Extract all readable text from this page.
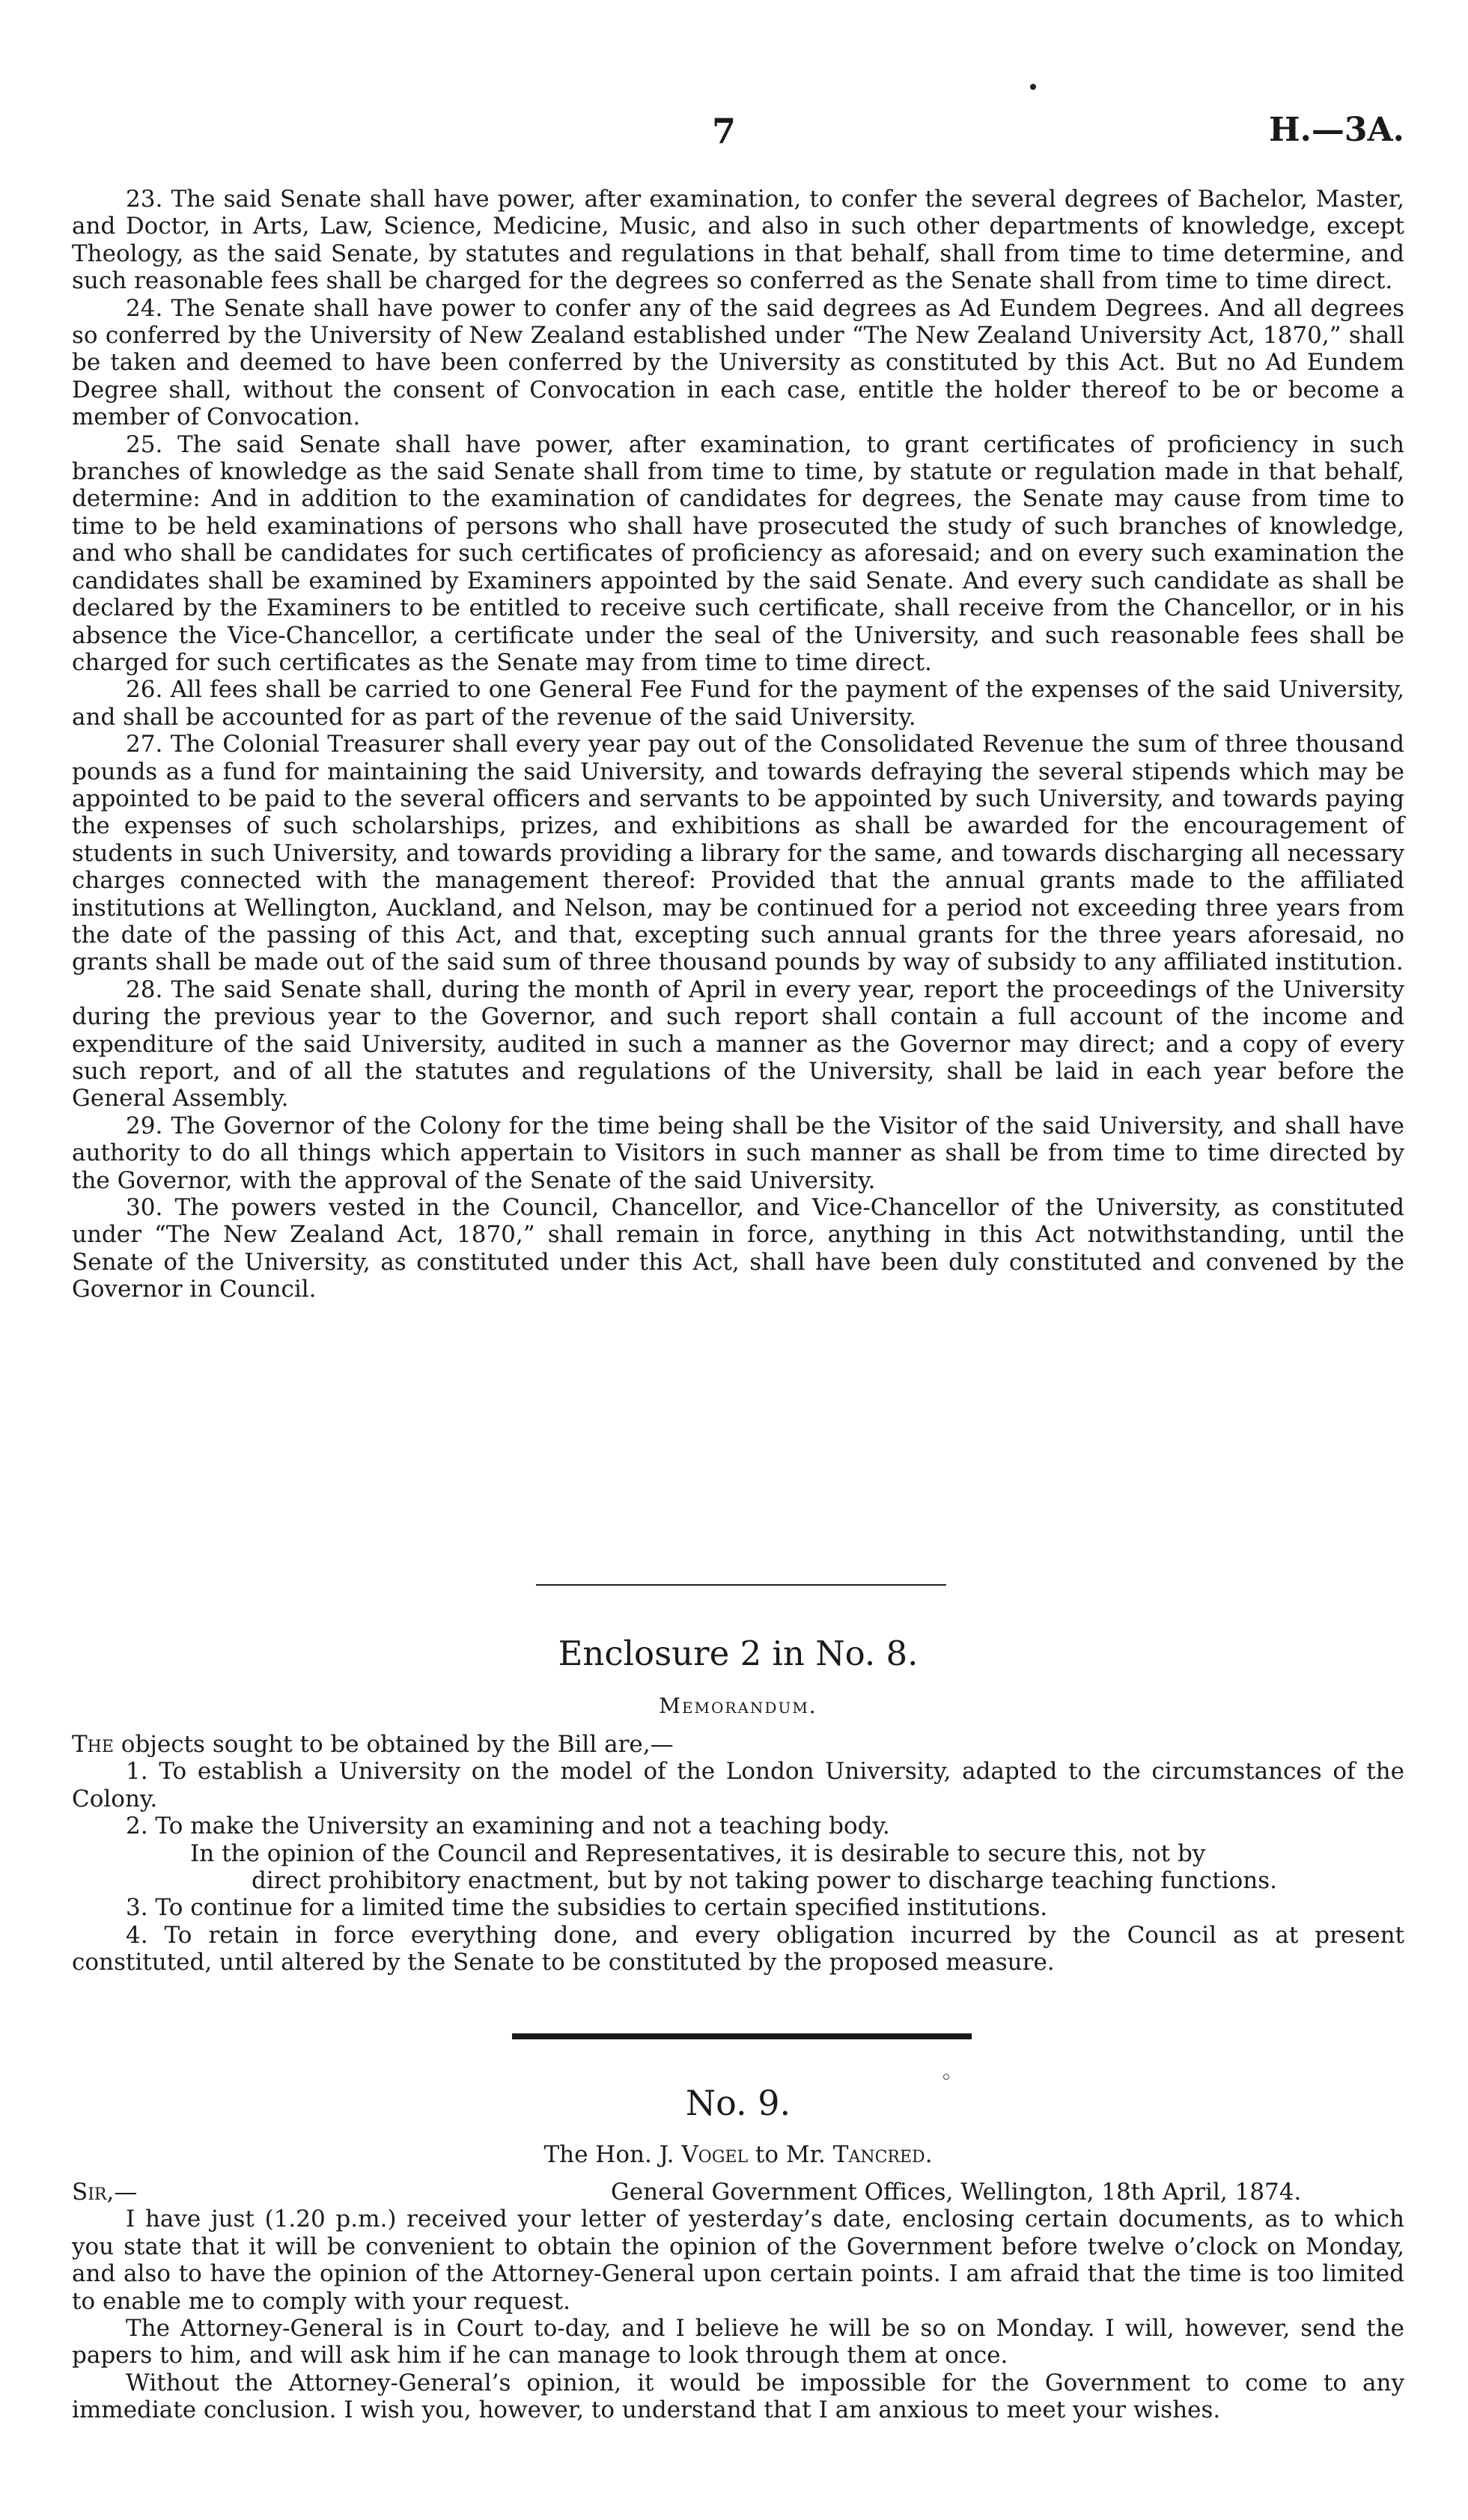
7	H.—3A.

23. The said Senate shall have power, after examination, to confer the several degrees of Bachelor, Master, and Doctor, in Arts, Law, Science, Medicine, Music, and also in such other departments of knowledge, except Theology, as the said Senate, by statutes and regulations in that behalf, shall from time to time determine, and such reasonable fees shall be charged for the degrees so conferred as the Senate shall from time to time direct.

24. The Senate shall have power to confer any of the said degrees as Ad Eundem Degrees. And all degrees so conferred by the University of New Zealand established under “The New Zealand University Act, 1870,” shall be taken and deemed to have been conferred by the University as constituted by this Act. But no Ad Eundem Degree shall, without the consent of Convocation in each case, entitle the holder thereof to be or become a member of Convocation.

25. The said Senate shall have power, after examination, to grant certificates of proficiency in such branches of knowledge as the said Senate shall from time to time, by statute or regulation made in that behalf, determine: And in addition to the examination of candidates for degrees, the Senate may cause from time to time to be held examinations of persons who shall have prosecuted the study of such branches of knowledge, and who shall be candidates for such certificates of proficiency as aforesaid; and on every such examination the candidates shall be examined by Examiners appointed by the said Senate. And every such candidate as shall be declared by the Examiners to be entitled to receive such certificate, shall receive from the Chancellor, or in his absence the Vice-Chancellor, a certificate under the seal of the University, and such reasonable fees shall be charged for such certificates as the Senate may from time to time direct.

26. All fees shall be carried to one General Fee Fund for the payment of the expenses of the said University, and shall be accounted for as part of the revenue of the said University.

27. The Colonial Treasurer shall every year pay out of the Consolidated Revenue the sum of three thousand pounds as a fund for maintaining the said University, and towards defraying the several stipends which may be appointed to be paid to the several officers and servants to be appointed by such University, and towards paying the expenses of such scholarships, prizes, and exhibitions as shall be awarded for the encouragement of students in such University, and towards providing a library for the same, and towards discharging all necessary charges connected with the management thereof: Provided that the annual grants made to the affiliated institutions at Wellington, Auckland, and Nelson, may be continued for a period not exceeding three years from the date of the passing of this Act, and that, excepting such annual grants for the three years aforesaid, no grants shall be made out of the said sum of three thousand pounds by way of subsidy to any affiliated institution.

28. The said Senate shall, during the month of April in every year, report the proceedings of the University during the previous year to the Governor, and such report shall contain a full account of the income and expenditure of the said University, audited in such a manner as the Governor may direct; and a copy of every such report, and of all the statutes and regulations of the University, shall be laid in each year before the General Assembly.

29. The Governor of the Colony for the time being shall be the Visitor of the said University, and shall have authority to do all things which appertain to Visitors in such manner as shall be from time to time directed by the Governor, with the approval of the Senate of the said University.

30. The powers vested in the Council, Chancellor, and Vice-Chancellor of the University, as constituted under “The New Zealand Act, 1870,” shall remain in force, anything in this Act notwithstanding, until the Senate of the University, as constituted under this Act, shall have been duly constituted and convened by the Governor in Council.

Enclosure 2 in No. 8.
Memorandum.

The objects sought to be obtained by the Bill are,—

1. To establish a University on the model of the London University, adapted to the circumstances of the Colony.

2. To make the University an examining and not a teaching body.

In the opinion of the Council and Representatives, it is desirable to secure this, not by

direct prohibitory enactment, but by not taking power to discharge teaching functions.

3. To continue for a limited time the subsidies to certain specified institutions.

4. To retain in force everything done, and every obligation incurred by the Council as at present constituted, until altered by the Senate to be constituted by the proposed measure.

No. 9.
The Hon. J. Vogel to Mr. Tancred.
Sir,—	General Government Offices, Wellington, 18th April, 1874.

I have just (1.20 p.m.) received your letter of yesterday’s date, enclosing certain documents, as to which you state that it will be convenient to obtain the opinion of the Government before twelve o’clock on Monday, and also to have the opinion of the Attorney-General upon certain points. I am afraid that the time is too limited to enable me to comply with your request.

The Attorney-General is in Court to-day, and I believe he will be so on Monday. I will, however, send the papers to him, and will ask him if he can manage to look through them at once.

Without the Attorney-General’s opinion, it would be impossible for the Government to come to any immediate conclusion. I wish you, however, to understand that I am anxious to meet your wishes.
